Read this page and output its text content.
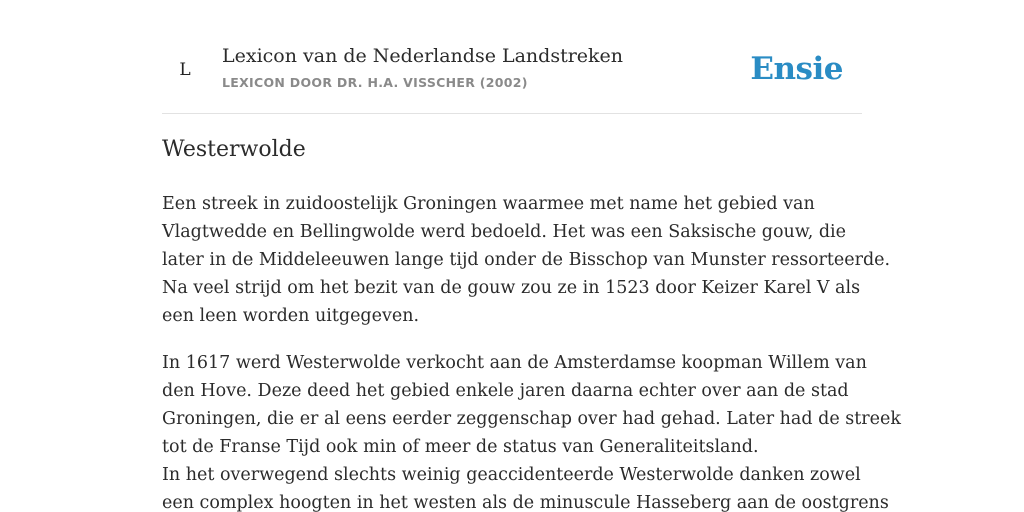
L
Lexicon van de Nederlandse Landstreken
LEXICON DOOR DR. H.A. VISSCHER (2002)	Ensie
Westerwolde

Een streek in zuidoostelijk Groningen waarmee met name het gebied van
Vlagtwedde en Bellingwolde werd bedoeld. Het was een Saksische gouw, die
later in de Middeleeuwen lange tijd onder de Bisschop van Munster ressorteerde.
Na veel strijd om het bezit van de gouw zou ze in 1523 door Keizer Karel V als
een leen worden uitgegeven.

In 1617 werd Westerwolde verkocht aan de Amsterdamse koopman Willem van
den Hove. Deze deed het gebied enkele jaren daarna echter over aan de stad
Groningen, die er al eens eerder zeggenschap over had gehad. Later had de streek
tot de Franse Tijd ook min of meer de status van Generaliteitsland.

In het overwegend slechts weinig geaccidenteerde Westerwolde danken zowel
een complex hoogten in het westen als de minuscule Hasseberg aan de oostgrens
